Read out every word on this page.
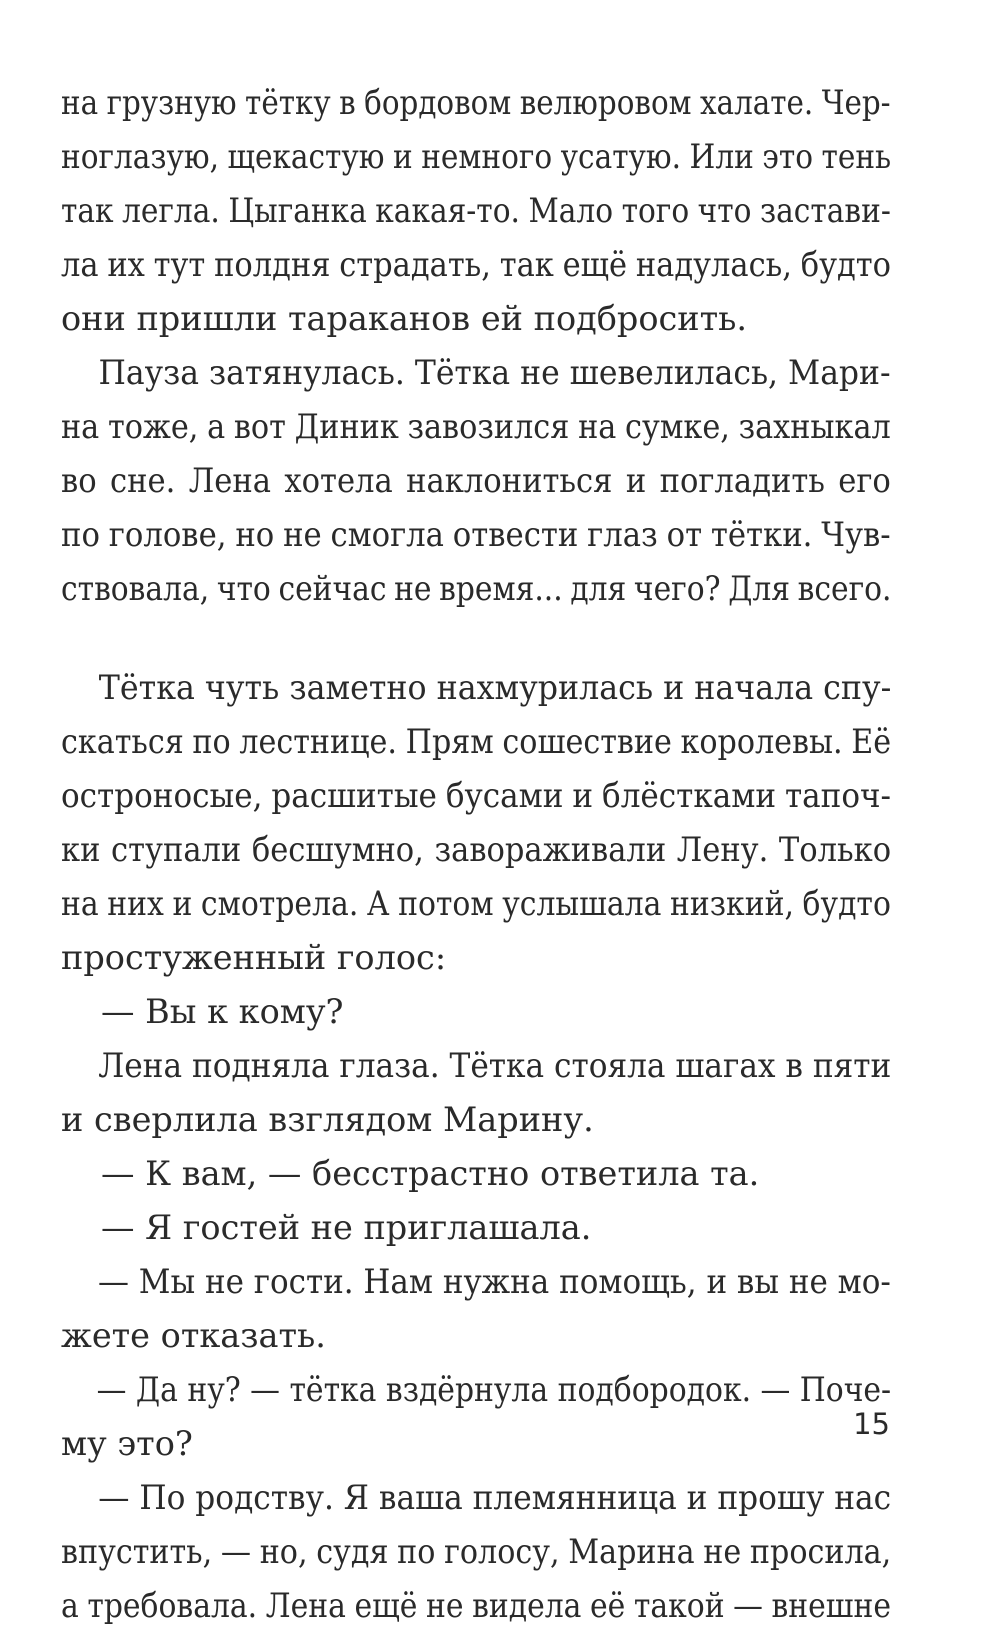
на грузную тётку в бордовом велюровом халате. Чер-
ноглазую, щекастую и немного усатую. Или это тень
так легла. Цыганка какая-то. Мало того что застави-
ла их тут полдня страдать, так ещё надулась, будто
они пришли тараканов ей подбросить.
Пауза затянулась. Тётка не шевелилась, Мари-
на тоже, а вот Диник завозился на сумке, захныкал
во сне. Лена хотела наклониться и погладить его
по голове, но не смогла отвести глаз от тётки. Чув-
ствовала, что сейчас не время... для чего? Для всего.
Тётка чуть заметно нахмурилась и начала спу-
скаться по лестнице. Прям сошествие королевы. Её
остроносые, расшитые бусами и блёстками тапоч-
ки ступали бесшумно, завораживали Лену. Только
на них и смотрела. А потом услышала низкий, будто
простуженный голос:
— Вы к кому?
Лена подняла глаза. Тётка стояла шагах в пяти
и сверлила взглядом Марину.
— К вам, — бесстрастно ответила та.
— Я гостей не приглашала.
— Мы не гости. Нам нужна помощь, и вы не мо-
жете отказать.
— Да ну? — тётка вздёрнула подбородок. — Поче-
му это?
— По родству. Я ваша племянница и прошу нас
впустить, — но, судя по голосу, Марина не просила,
а требовала. Лена ещё не видела её такой — внешне
15
